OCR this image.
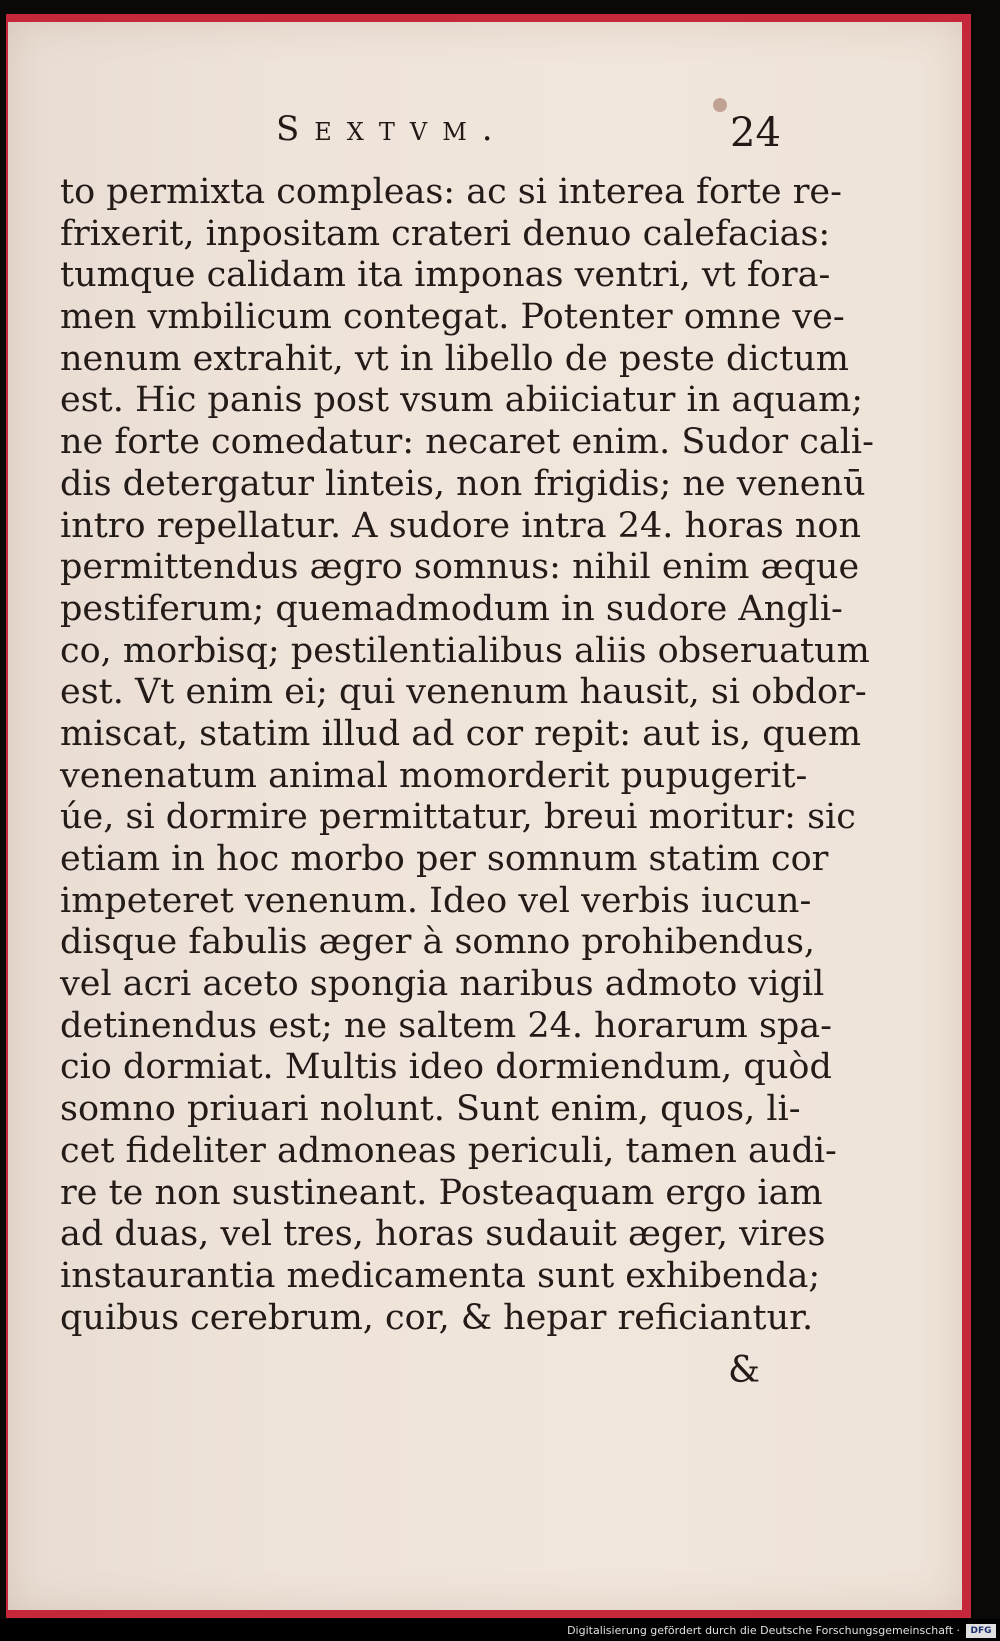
Sextvm.	24

to permixta compleas: ac si interea forte re-
frixerit, inpositam crateri denuo calefacias:
tumque calidam ita imponas ventri, vt fora-
men vmbilicum contegat. Potenter omne ve-
nenum extrahit, vt in libello de peste dictum
est. Hic panis post vsum abiiciatur in aquam;
ne forte comedatur: necaret enim. Sudor cali-
dis detergatur linteis, non frigidis; ne venenū
intro repellatur. A sudore intra 24. horas non
permittendus ægro somnus: nihil enim æque
pestiferum; quemadmodum in sudore Angli-
co, morbisq; pestilentialibus aliis obseruatum
est. Vt enim ei; qui venenum hausit, si obdor-
miscat, statim illud ad cor repit: aut is, quem
venenatum animal momorderit pupugerit-
úe, si dormire permittatur, breui moritur: sic
etiam in hoc morbo per somnum statim cor
impeteret venenum. Ideo vel verbis iucun-
disque fabulis æger à somno prohibendus,
vel acri aceto spongia naribus admoto vigil
detinendus est; ne saltem 24. horarum spa-
cio dormiat. Multis ideo dormiendum, quòd
somno priuari nolunt. Sunt enim, quos, li-
cet fideliter admoneas periculi, tamen audi-
re te non sustineant. Posteaquam ergo iam
ad duas, vel tres, horas sudauit æger, vires
instaurantia medicamenta sunt exhibenda;
quibus cerebrum, cor, & hepar reficiantur.

&

Digitalisierung gefördert durch die Deutsche Forschungsgemeinschaft ·	DFG
